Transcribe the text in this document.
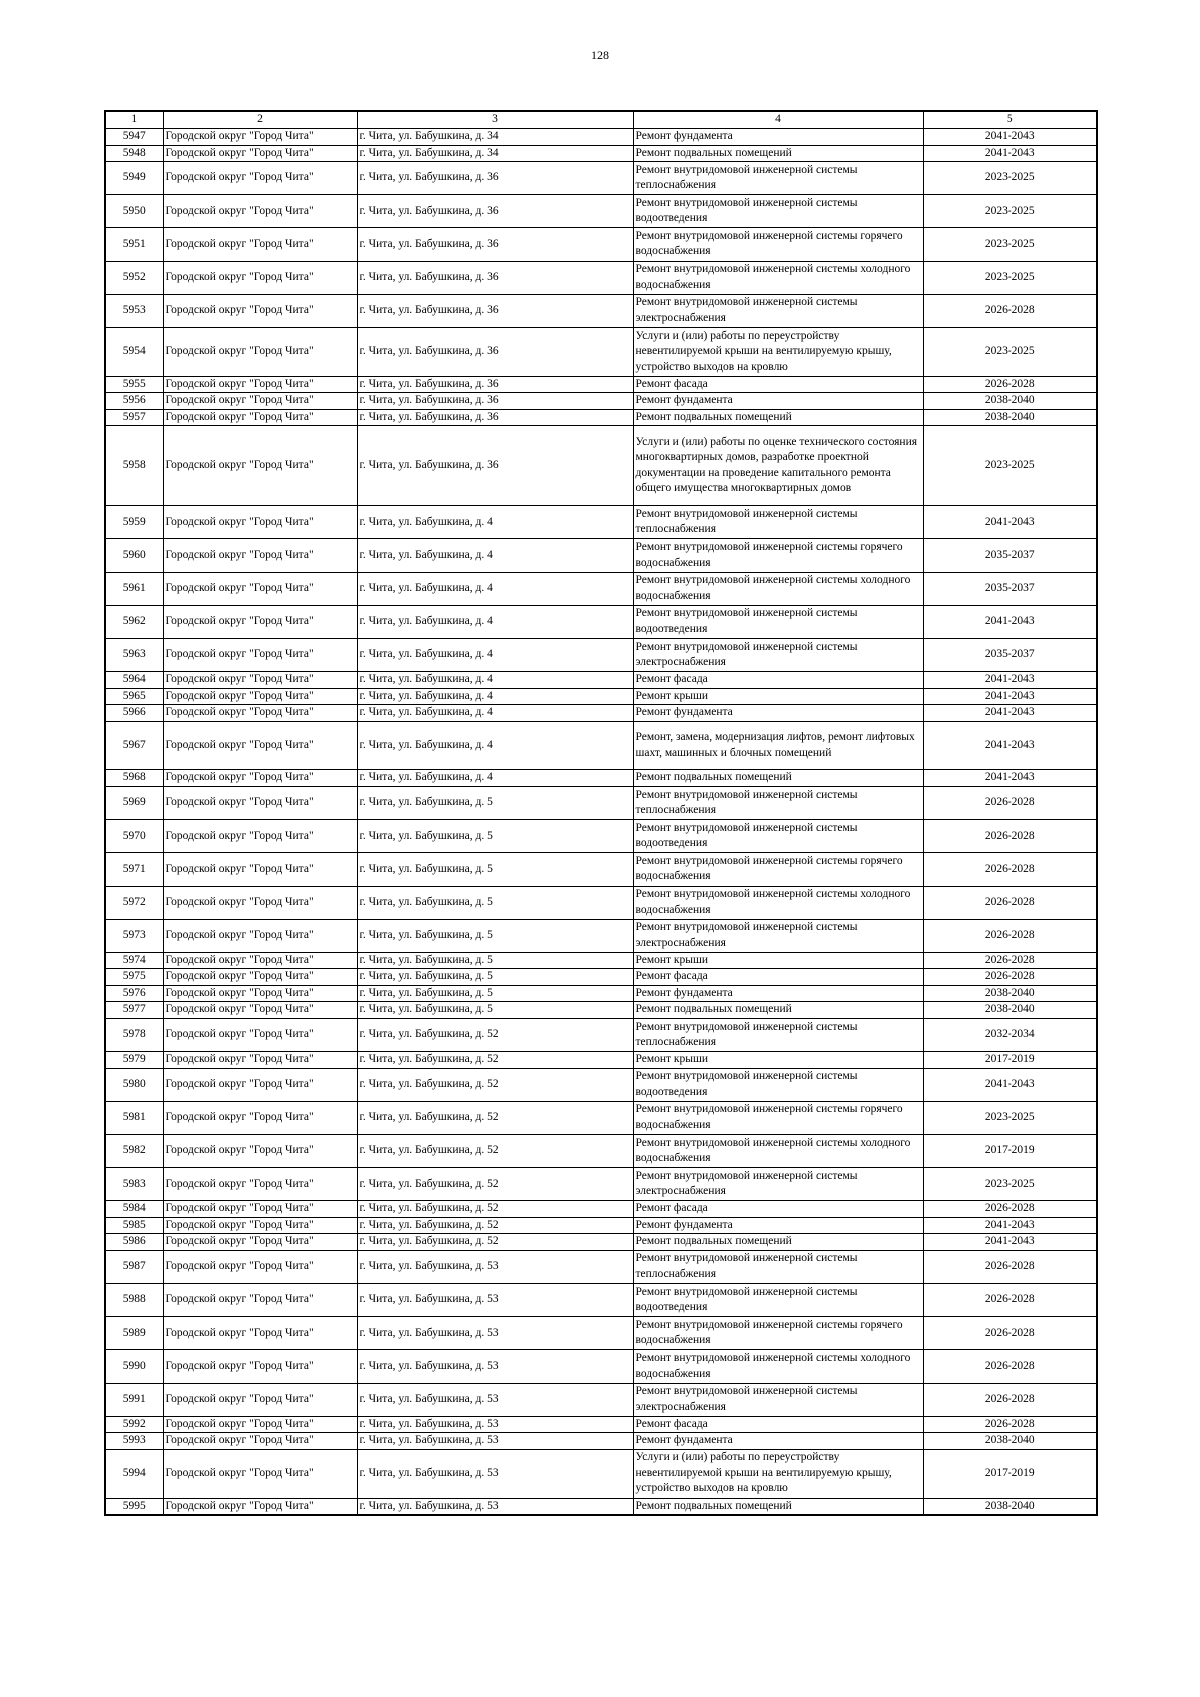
128
1	2	3	4	5
5947	Городской округ "Город Чита"	г. Чита, ул. Бабушкина, д. 34	Ремонт фундамента	2041-2043
5948	Городской округ "Город Чита"	г. Чита, ул. Бабушкина, д. 34	Ремонт подвальных помещений	2041-2043
5949	Городской округ "Город Чита"	г. Чита, ул. Бабушкина, д. 36	Ремонт внутридомовой инженерной системы теплоснабжения	2023-2025
5950	Городской округ "Город Чита"	г. Чита, ул. Бабушкина, д. 36	Ремонт внутридомовой инженерной системы водоотведения	2023-2025
5951	Городской округ "Город Чита"	г. Чита, ул. Бабушкина, д. 36	Ремонт внутридомовой инженерной системы горячего водоснабжения	2023-2025
5952	Городской округ "Город Чита"	г. Чита, ул. Бабушкина, д. 36	Ремонт внутридомовой инженерной системы холодного водоснабжения	2023-2025
5953	Городской округ "Город Чита"	г. Чита, ул. Бабушкина, д. 36	Ремонт внутридомовой инженерной системы электроснабжения	2026-2028
5954	Городской округ "Город Чита"	г. Чита, ул. Бабушкина, д. 36	Услуги и (или) работы по переустройству невентилируемой крыши на вентилируемую крышу, устройство выходов на кровлю	2023-2025
5955	Городской округ "Город Чита"	г. Чита, ул. Бабушкина, д. 36	Ремонт фасада	2026-2028
5956	Городской округ "Город Чита"	г. Чита, ул. Бабушкина, д. 36	Ремонт фундамента	2038-2040
5957	Городской округ "Город Чита"	г. Чита, ул. Бабушкина, д. 36	Ремонт подвальных помещений	2038-2040
5958	Городской округ "Город Чита"	г. Чита, ул. Бабушкина, д. 36	Услуги и (или) работы по оценке технического состояния многоквартирных домов, разработке проектной документации на проведение капитального ремонта общего имущества многоквартирных домов	2023-2025
5959	Городской округ "Город Чита"	г. Чита, ул. Бабушкина, д. 4	Ремонт внутридомовой инженерной системы теплоснабжения	2041-2043
5960	Городской округ "Город Чита"	г. Чита, ул. Бабушкина, д. 4	Ремонт внутридомовой инженерной системы горячего водоснабжения	2035-2037
5961	Городской округ "Город Чита"	г. Чита, ул. Бабушкина, д. 4	Ремонт внутридомовой инженерной системы холодного водоснабжения	2035-2037
5962	Городской округ "Город Чита"	г. Чита, ул. Бабушкина, д. 4	Ремонт внутридомовой инженерной системы водоотведения	2041-2043
5963	Городской округ "Город Чита"	г. Чита, ул. Бабушкина, д. 4	Ремонт внутридомовой инженерной системы электроснабжения	2035-2037
5964	Городской округ "Город Чита"	г. Чита, ул. Бабушкина, д. 4	Ремонт фасада	2041-2043
5965	Городской округ "Город Чита"	г. Чита, ул. Бабушкина, д. 4	Ремонт крыши	2041-2043
5966	Городской округ "Город Чита"	г. Чита, ул. Бабушкина, д. 4	Ремонт фундамента	2041-2043
5967	Городской округ "Город Чита"	г. Чита, ул. Бабушкина, д. 4	Ремонт, замена, модернизация лифтов, ремонт лифтовых шахт, машинных и блочных помещений	2041-2043
5968	Городской округ "Город Чита"	г. Чита, ул. Бабушкина, д. 4	Ремонт подвальных помещений	2041-2043
5969	Городской округ "Город Чита"	г. Чита, ул. Бабушкина, д. 5	Ремонт внутридомовой инженерной системы теплоснабжения	2026-2028
5970	Городской округ "Город Чита"	г. Чита, ул. Бабушкина, д. 5	Ремонт внутридомовой инженерной системы водоотведения	2026-2028
5971	Городской округ "Город Чита"	г. Чита, ул. Бабушкина, д. 5	Ремонт внутридомовой инженерной системы горячего водоснабжения	2026-2028
5972	Городской округ "Город Чита"	г. Чита, ул. Бабушкина, д. 5	Ремонт внутридомовой инженерной системы холодного водоснабжения	2026-2028
5973	Городской округ "Город Чита"	г. Чита, ул. Бабушкина, д. 5	Ремонт внутридомовой инженерной системы электроснабжения	2026-2028
5974	Городской округ "Город Чита"	г. Чита, ул. Бабушкина, д. 5	Ремонт крыши	2026-2028
5975	Городской округ "Город Чита"	г. Чита, ул. Бабушкина, д. 5	Ремонт фасада	2026-2028
5976	Городской округ "Город Чита"	г. Чита, ул. Бабушкина, д. 5	Ремонт фундамента	2038-2040
5977	Городской округ "Город Чита"	г. Чита, ул. Бабушкина, д. 5	Ремонт подвальных помещений	2038-2040
5978	Городской округ "Город Чита"	г. Чита, ул. Бабушкина, д. 52	Ремонт внутридомовой инженерной системы теплоснабжения	2032-2034
5979	Городской округ "Город Чита"	г. Чита, ул. Бабушкина, д. 52	Ремонт крыши	2017-2019
5980	Городской округ "Город Чита"	г. Чита, ул. Бабушкина, д. 52	Ремонт внутридомовой инженерной системы водоотведения	2041-2043
5981	Городской округ "Город Чита"	г. Чита, ул. Бабушкина, д. 52	Ремонт внутридомовой инженерной системы горячего водоснабжения	2023-2025
5982	Городской округ "Город Чита"	г. Чита, ул. Бабушкина, д. 52	Ремонт внутридомовой инженерной системы холодного водоснабжения	2017-2019
5983	Городской округ "Город Чита"	г. Чита, ул. Бабушкина, д. 52	Ремонт внутридомовой инженерной системы электроснабжения	2023-2025
5984	Городской округ "Город Чита"	г. Чита, ул. Бабушкина, д. 52	Ремонт фасада	2026-2028
5985	Городской округ "Город Чита"	г. Чита, ул. Бабушкина, д. 52	Ремонт фундамента	2041-2043
5986	Городской округ "Город Чита"	г. Чита, ул. Бабушкина, д. 52	Ремонт подвальных помещений	2041-2043
5987	Городской округ "Город Чита"	г. Чита, ул. Бабушкина, д. 53	Ремонт внутридомовой инженерной системы теплоснабжения	2026-2028
5988	Городской округ "Город Чита"	г. Чита, ул. Бабушкина, д. 53	Ремонт внутридомовой инженерной системы водоотведения	2026-2028
5989	Городской округ "Город Чита"	г. Чита, ул. Бабушкина, д. 53	Ремонт внутридомовой инженерной системы горячего водоснабжения	2026-2028
5990	Городской округ "Город Чита"	г. Чита, ул. Бабушкина, д. 53	Ремонт внутридомовой инженерной системы холодного водоснабжения	2026-2028
5991	Городской округ "Город Чита"	г. Чита, ул. Бабушкина, д. 53	Ремонт внутридомовой инженерной системы электроснабжения	2026-2028
5992	Городской округ "Город Чита"	г. Чита, ул. Бабушкина, д. 53	Ремонт фасада	2026-2028
5993	Городской округ "Город Чита"	г. Чита, ул. Бабушкина, д. 53	Ремонт фундамента	2038-2040
5994	Городской округ "Город Чита"	г. Чита, ул. Бабушкина, д. 53	Услуги и (или) работы по переустройству невентилируемой крыши на вентилируемую крышу, устройство выходов на кровлю	2017-2019
5995	Городской округ "Город Чита"	г. Чита, ул. Бабушкина, д. 53	Ремонт подвальных помещений	2038-2040
